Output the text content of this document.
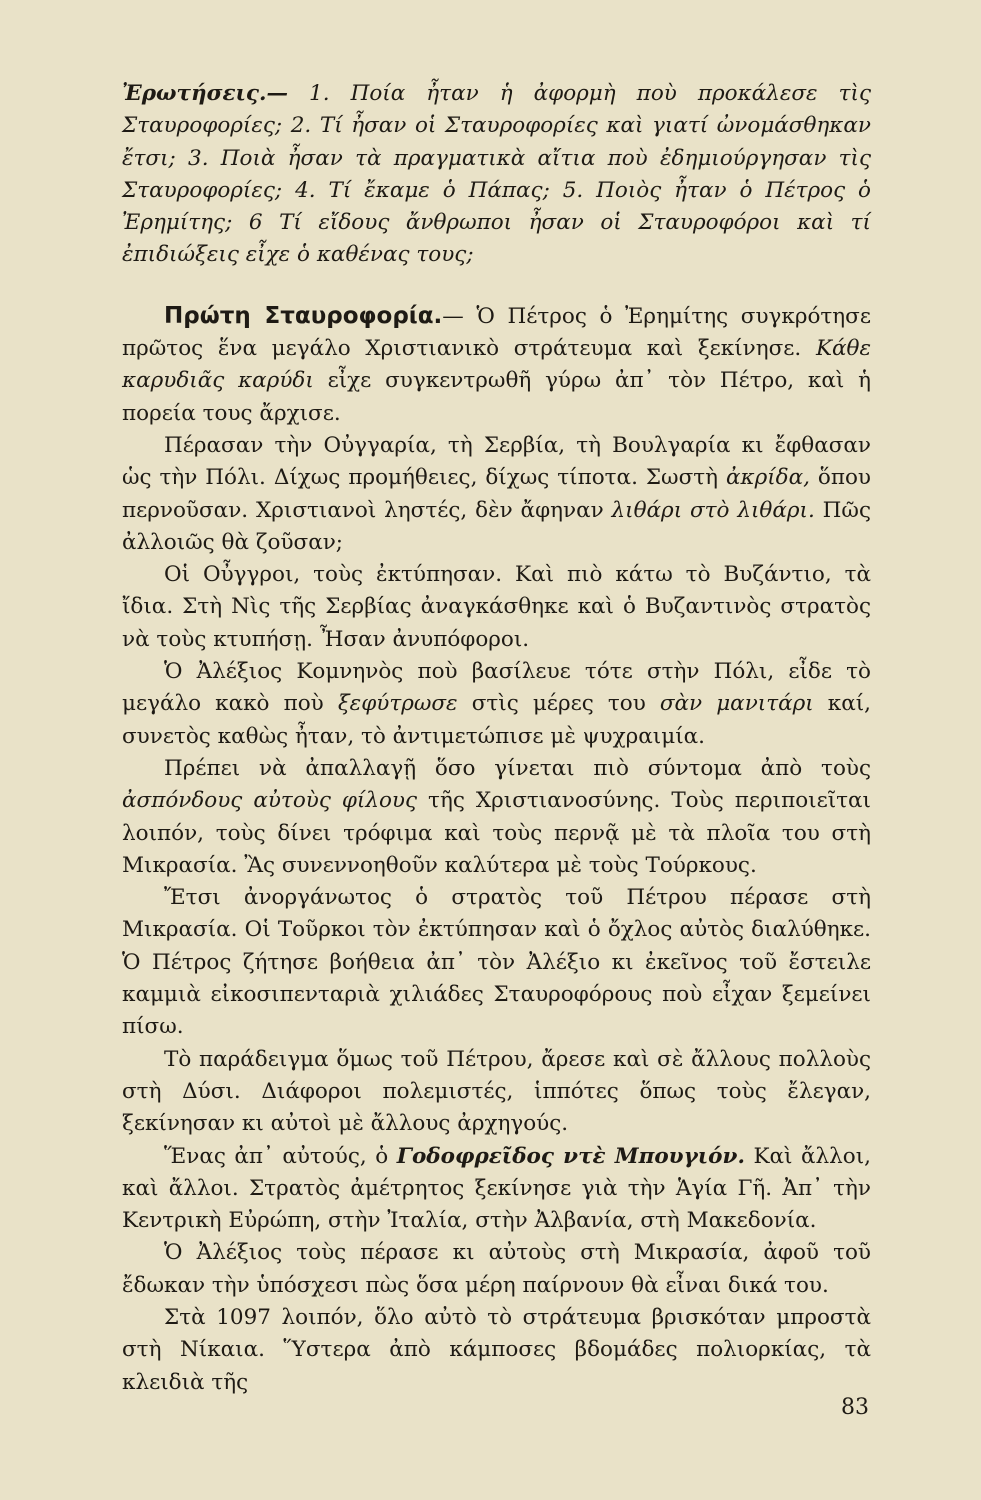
Ἐρωτήσεις.— 1. Ποία ἦταν ἡ ἀφορμὴ ποὺ προκάλεσε τὶς Σταυροφορίες; 2. Τί ἦσαν οἱ Σταυροφορίες καὶ γιατί ὠνομάσθηκαν ἔτσι; 3. Ποιὰ ἦσαν τὰ πραγματικὰ αἴτια ποὺ ἐδημιούργησαν τὶς Σταυροφορίες; 4. Τί ἔκαμε ὁ Πάπας; 5. Ποιὸς ἦταν ὁ Πέτρος ὁ Ἐρημίτης; 6 Τί εἴδους ἄνθρωποι ἦσαν οἱ Σταυροφόροι καὶ τί ἐπιδιώξεις εἶχε ὁ καθένας τους;

Πρώτη Σταυροφορία.— Ὁ Πέτρος ὁ Ἐρημίτης συγκρότησε πρῶτος ἕνα μεγάλο Χριστιανικὸ στράτευμα καὶ ξεκίνησε. Κάθε καρυδιᾶς καρύδι εἶχε συγκεντρωθῆ γύρω ἀπ᾽ τὸν Πέτρο, καὶ ἡ πορεία τους ἄρχισε.

Πέρασαν τὴν Οὐγγαρία, τὴ Σερβία, τὴ Βουλγαρία κι ἔφθασαν ὡς τὴν Πόλι. Δίχως προμήθειες, δίχως τίποτα. Σωστὴ ἀκρίδα, ὅπου περνοῦσαν. Χριστιανοὶ ληστές, δὲν ἄφηναν λιθάρι στὸ λιθάρι. Πῶς ἀλλοιῶς θὰ ζοῦσαν;

Οἱ Οὖγγροι, τοὺς ἐκτύπησαν. Καὶ πιὸ κάτω τὸ Βυζάντιο, τὰ ἴδια. Στὴ Νὶς τῆς Σερβίας ἀναγκάσθηκε καὶ ὁ Βυζαντινὸς στρατὸς νὰ τοὺς κτυπήσῃ. Ἦσαν ἀνυπόφοροι.

Ὁ Ἀλέξιος Κομνηνὸς ποὺ βασίλευε τότε στὴν Πόλι, εἶδε τὸ μεγάλο κακὸ ποὺ ξεφύτρωσε στὶς μέρες του σὰν μανιτάρι καί, συνετὸς καθὼς ἦταν, τὸ ἀντιμετώπισε μὲ ψυχραιμία.

Πρέπει νὰ ἀπαλλαγῇ ὅσο γίνεται πιὸ σύντομα ἀπὸ τοὺς ἀσπόνδους αὐτοὺς φίλους τῆς Χριστιανοσύνης. Τοὺς περιποιεῖται λοιπόν, τοὺς δίνει τρόφιμα καὶ τοὺς περνᾷ μὲ τὰ πλοῖα του στὴ Μικρασία. Ἂς συνεννοηθοῦν καλύτερα μὲ τοὺς Τούρκους.

Ἔτσι ἀνοργάνωτος ὁ στρατὸς τοῦ Πέτρου πέρασε στὴ Μικρασία. Οἱ Τοῦρκοι τὸν ἐκτύπησαν καὶ ὁ ὄχλος αὐτὸς διαλύθηκε. Ὁ Πέτρος ζήτησε βοήθεια ἀπ᾽ τὸν Ἀλέξιο κι ἐκεῖνος τοῦ ἔστειλε καμμιὰ εἰκοσιπενταριὰ χιλιάδες Σταυροφόρους ποὺ εἶχαν ξεμείνει πίσω.

Τὸ παράδειγμα ὅμως τοῦ Πέτρου, ἄρεσε καὶ σὲ ἄλλους πολλοὺς στὴ Δύσι. Διάφοροι πολεμιστές, ἱππότες ὅπως τοὺς ἔλεγαν, ξεκίνησαν κι αὐτοὶ μὲ ἄλλους ἀρχηγούς.

Ἕνας ἀπ᾽ αὐτούς, ὁ Γοδοφρεῖδος ντὲ Μπουγιόν. Καὶ ἄλλοι, καὶ ἄλλοι. Στρατὸς ἀμέτρητος ξεκίνησε γιὰ τὴν Ἁγία Γῆ. Ἀπ᾽ τὴν Κεντρικὴ Εὐρώπη, στὴν Ἰταλία, στὴν Ἀλβανία, στὴ Μακεδονία.

Ὁ Ἀλέξιος τοὺς πέρασε κι αὐτοὺς στὴ Μικρασία, ἀφοῦ τοῦ ἔδωκαν τὴν ὑπόσχεσι πὼς ὅσα μέρη παίρνουν θὰ εἶναι δικά του.

Στὰ 1097 λοιπόν, ὅλο αὐτὸ τὸ στράτευμα βρισκόταν μπροστὰ στὴ Νίκαια. Ὕστερα ἀπὸ κάμποσες βδομάδες πολιορκίας, τὰ κλειδιὰ τῆς

83
